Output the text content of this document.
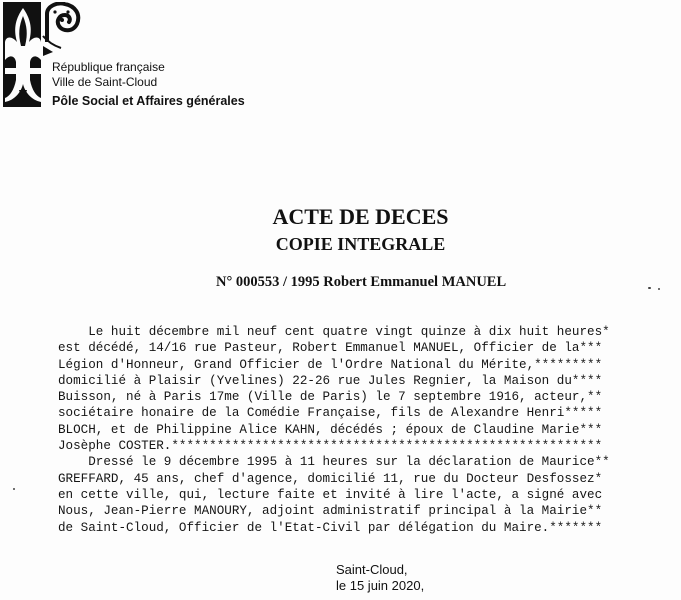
République française
Ville de Saint-Cloud
Pôle Social et Affaires générales
ACTE DE DECES
COPIE INTEGRALE
N° 000553 / 1995 Robert Emmanuel MANUEL
Le huit décembre mil neuf cent quatre vingt quinze à dix huit heures*
est décédé, 14/16 rue Pasteur, Robert Emmanuel MANUEL, Officier de la***
Légion d'Honneur, Grand Officier de l'Ordre National du Mérite,*********
domicilié à Plaisir (Yvelines) 22-26 rue Jules Regnier, la Maison du****
Buisson, né à Paris 17me (Ville de Paris) le 7 septembre 1916, acteur,**
sociétaire honaire de la Comédie Française, fils de Alexandre Henri*****
BLOCH, et de Philippine Alice KAHN, décédés ; époux de Claudine Marie***
Josèphe COSTER.*********************************************************
Dressé le 9 décembre 1995 à 11 heures sur la déclaration de Maurice**
GREFFARD, 45 ans, chef d'agence, domicilié 11, rue du Docteur Desfossez*
en cette ville, qui, lecture faite et invité à lire l'acte, a signé avec
Nous, Jean-Pierre MANOURY, adjoint administratif principal à la Mairie**
de Saint-Cloud, Officier de l'Etat-Civil par délégation du Maire.*******
Saint-Cloud,
le 15 juin 2020,
